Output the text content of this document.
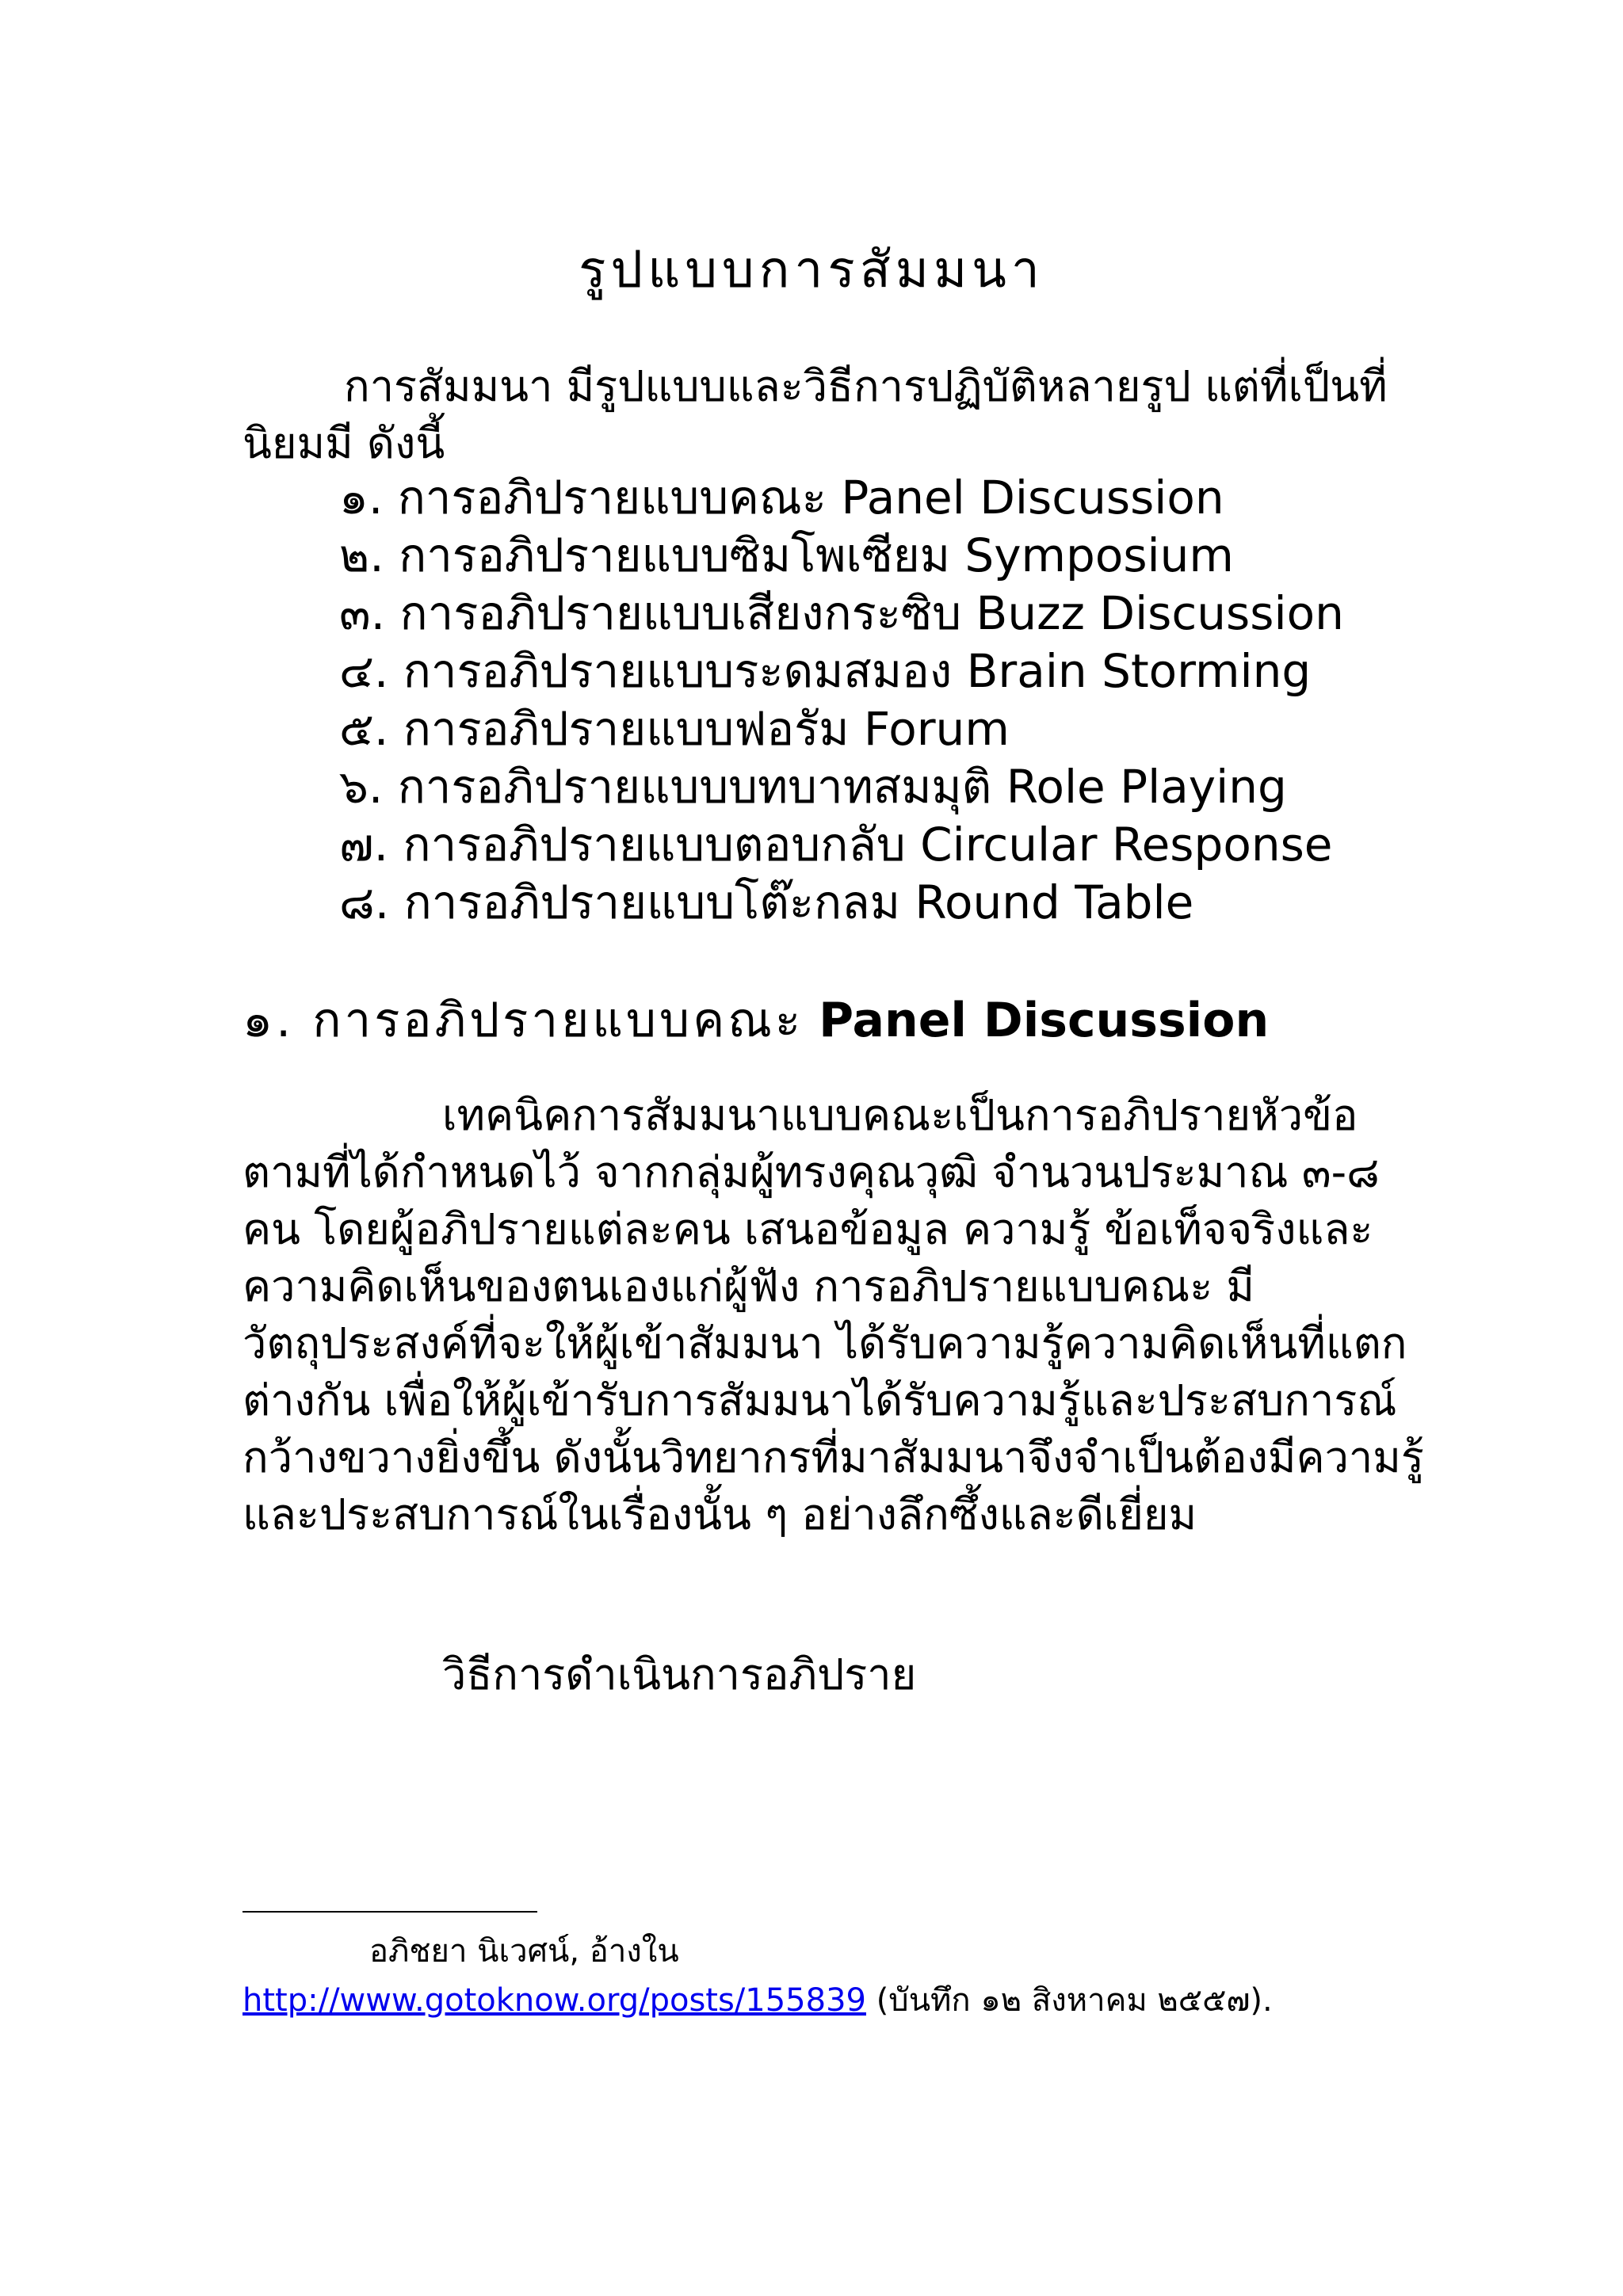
รูปแบบการสัมมนา

การสัมมนา มีรูปแบบและวิธีการปฏิบัติหลายรูป แต่ที่เป็นที่นิยมมี ดังนี้

๑. การอภิปรายแบบคณะ Panel Discussion
๒. การอภิปรายแบบซิมโพเซียม Symposium
๓. การอภิปรายแบบเสียงกระซิบ Buzz Discussion
๔. การอภิปรายแบบระดมสมอง Brain Storming
๕. การอภิปรายแบบฟอรัม Forum
๖. การอภิปรายแบบบทบาทสมมุติ Role Playing
๗. การอภิปรายแบบตอบกลับ Circular Response
๘. การอภิปรายแบบโต๊ะกลม Round Table
๑. การอภิปรายแบบคณะ Panel Discussion

เทคนิคการสัมมนาแบบคณะเป็นการอภิปรายหัวข้อตามที่ได้กำหนดไว้ จากกลุ่มผู้ทรงคุณวุฒิ จำนวนประมาณ ๓-๘ คน โดยผู้อภิปรายแต่ละคน เสนอข้อมูล ความรู้ ข้อเท็จจริงและความคิดเห็นของตนเองแก่ผู้ฟัง การอภิปรายแบบคณะ มีวัตถุประสงค์ที่จะให้ผู้เข้าสัมมนา ได้รับความรู้ความคิดเห็นที่แตกต่างกัน เพื่อให้ผู้เข้ารับการสัมมนาได้รับความรู้และประสบการณ์กว้างขวางยิ่งขึ้น ดังนั้นวิทยากรที่มาสัมมนาจึงจำเป็นต้องมีความรู้และประสบการณ์ในเรื่องนั้น ๆ อย่างลึกซึ้งและดีเยี่ยม

วิธีการดำเนินการอภิปราย

อภิชยา นิเวศน์, อ้างใน
http://www.gotoknow.org/posts/155839 (บันทึก ๑๒ สิงหาคม ๒๕๕๗).
